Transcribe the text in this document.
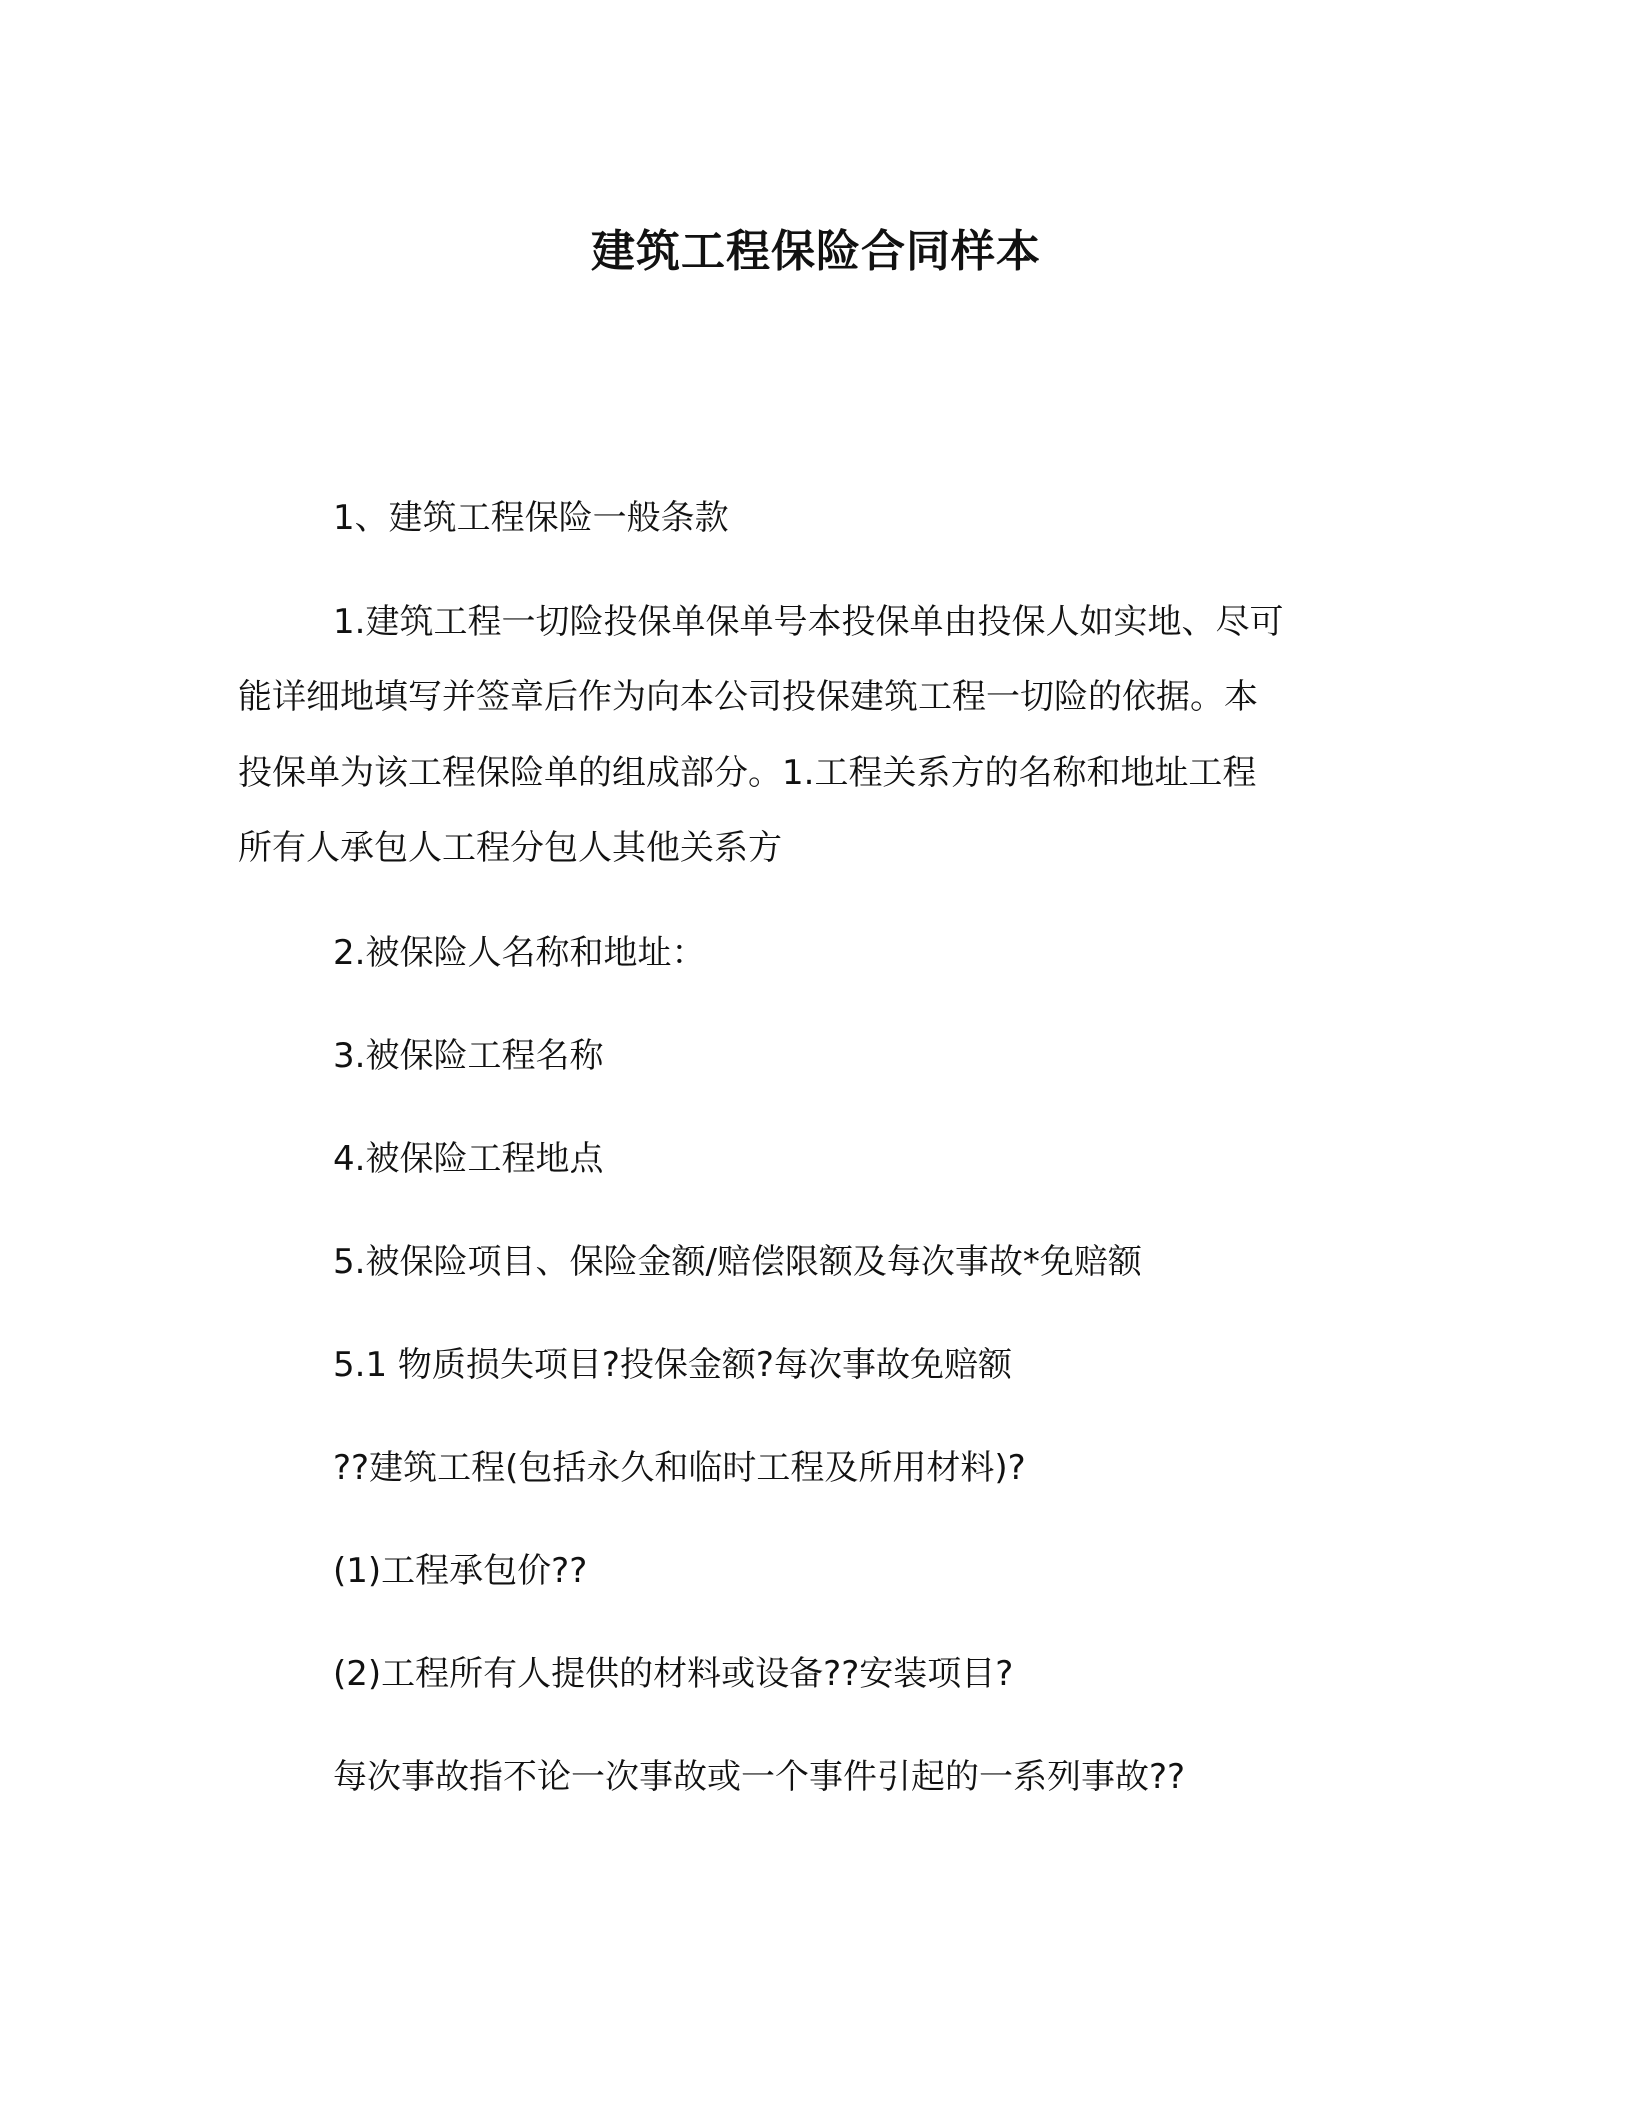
建筑工程保险合同样本

1、建筑工程保险一般条款

1.建筑工程一切险投保单保单号本投保单由投保人如实地、尽可

能详细地填写并签章后作为向本公司投保建筑工程一切险的依据。本

投保单为该工程保险单的组成部分。1.工程关系方的名称和地址工程

所有人承包人工程分包人其他关系方

2.被保险人名称和地址：

3.被保险工程名称

4.被保险工程地点

5.被保险项目、保险金额/赔偿限额及每次事故*免赔额

5.1 物质损失项目?投保金额?每次事故免赔额

??建筑工程(包括永久和临时工程及所用材料)?

(1)工程承包价??

(2)工程所有人提供的材料或设备??安装项目?

每次事故指不论一次事故或一个事件引起的一系列事故??
